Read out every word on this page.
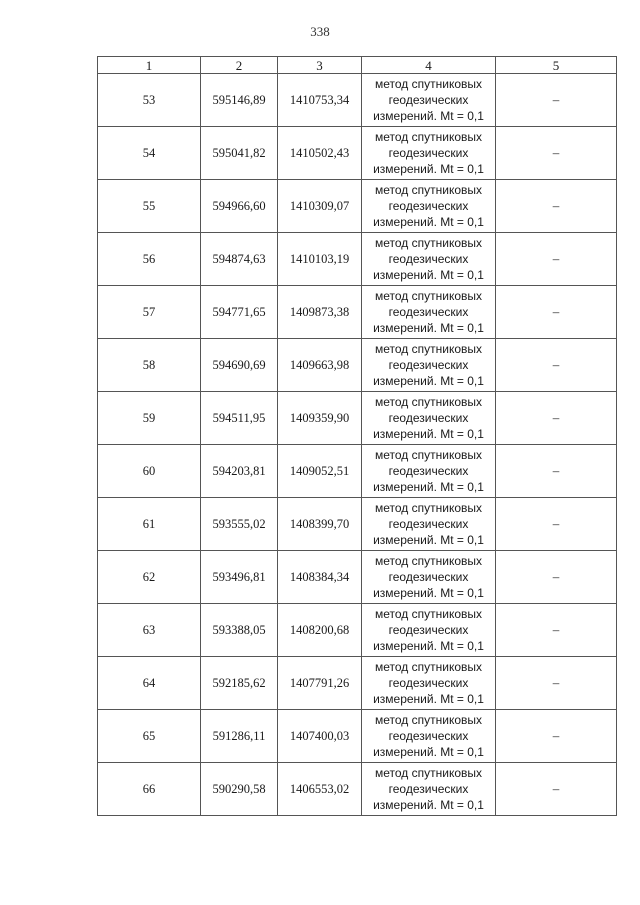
338
1	2	3	4	5
53	595146,89	1410753,34	метод спутниковых
геодезических
измерений. Mt = 0,1	–
54	595041,82	1410502,43	метод спутниковых
геодезических
измерений. Mt = 0,1	–
55	594966,60	1410309,07	метод спутниковых
геодезических
измерений. Mt = 0,1	–
56	594874,63	1410103,19	метод спутниковых
геодезических
измерений. Mt = 0,1	–
57	594771,65	1409873,38	метод спутниковых
геодезических
измерений. Mt = 0,1	–
58	594690,69	1409663,98	метод спутниковых
геодезических
измерений. Mt = 0,1	–
59	594511,95	1409359,90	метод спутниковых
геодезических
измерений. Mt = 0,1	–
60	594203,81	1409052,51	метод спутниковых
геодезических
измерений. Mt = 0,1	–
61	593555,02	1408399,70	метод спутниковых
геодезических
измерений. Mt = 0,1	–
62	593496,81	1408384,34	метод спутниковых
геодезических
измерений. Mt = 0,1	–
63	593388,05	1408200,68	метод спутниковых
геодезических
измерений. Mt = 0,1	–
64	592185,62	1407791,26	метод спутниковых
геодезических
измерений. Mt = 0,1	–
65	591286,11	1407400,03	метод спутниковых
геодезических
измерений. Mt = 0,1	–
66	590290,58	1406553,02	метод спутниковых
геодезических
измерений. Mt = 0,1	–
